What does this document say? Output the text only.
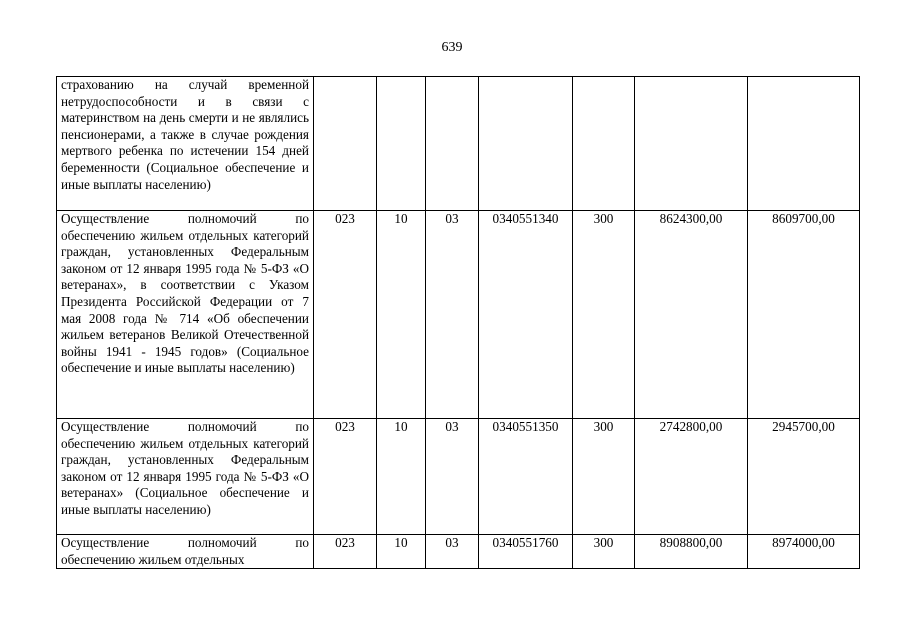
639
страхованию на случай временной нетрудоспособности и в связи с материнством на день смерти и не являлись пенсионерами, а также в случае рождения мертвого ребенка по истечении 154 дней беременности (Социальное обеспечение и иные выплаты населению)							
Осуществление полномочий по обеспечению жильем отдельных категорий граждан, установленных Федеральным законом от 12 января 1995 года № 5-ФЗ «О ветеранах», в соответствии с Указом Президента Российской Федерации от 7 мая 2008 года № 714 «Об обеспечении жильем ветеранов Великой Отечественной войны 1941 - 1945 годов» (Социальное обеспечение и иные выплаты населению)	023	10	03	0340551340	300	8624300,00	8609700,00
Осуществление полномочий по обеспечению жильем отдельных категорий граждан, установленных Федеральным законом от 12 января 1995 года № 5-ФЗ «О ветеранах» (Социальное обеспечение и иные выплаты населению)	023	10	03	0340551350	300	2742800,00	2945700,00
Осуществление полномочий по обеспечению жильем отдельных	023	10	03	0340551760	300	8908800,00	8974000,00
